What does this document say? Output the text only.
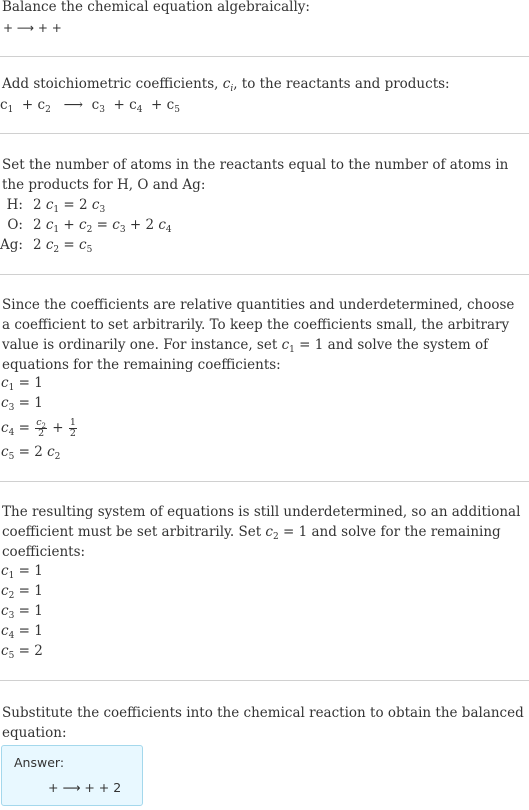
Balance the chemical equation algebraically:
+ ⟶ + +
Add stoichiometric coefficients, $c_i$, to the reactants and products:
$c_1 + c_2$ ⟶ $c_3 + c_4 + c_5$
Set the number of atoms in the reactants equal to the number of atoms in the products for H, O and Ag:
H:	2 $c_1 = 2$ $c_3$
O:	2 $c_1 + c_2 = c_3 + 2$ $c_4$
Ag:	2 $c_2 = c_5$
Since the coefficients are relative quantities and underdetermined, choose a coefficient to set arbitrarily. To keep the coefficients small, the arbitrary value is ordinarily one. For instance, set $c_1 = 1$ and solve the system of equations for the remaining coefficients:
$c_1 = 1$
$c_3 = 1$
$c_4 = \frac{c_2}{2} + \frac{1}{2}$
$c_5 = 2$ $c_2$
The resulting system of equations is still underdetermined, so an additional coefficient must be set arbitrarily. Set $c_2 = 1$ and solve for the remaining coefficients:
$c_1 = 1$
$c_2 = 1$
$c_3 = 1$
$c_4 = 1$
$c_5 = 2$
Substitute the coefficients into the chemical reaction to obtain the balanced equation:
Answer:
+ ⟶ + + 2
